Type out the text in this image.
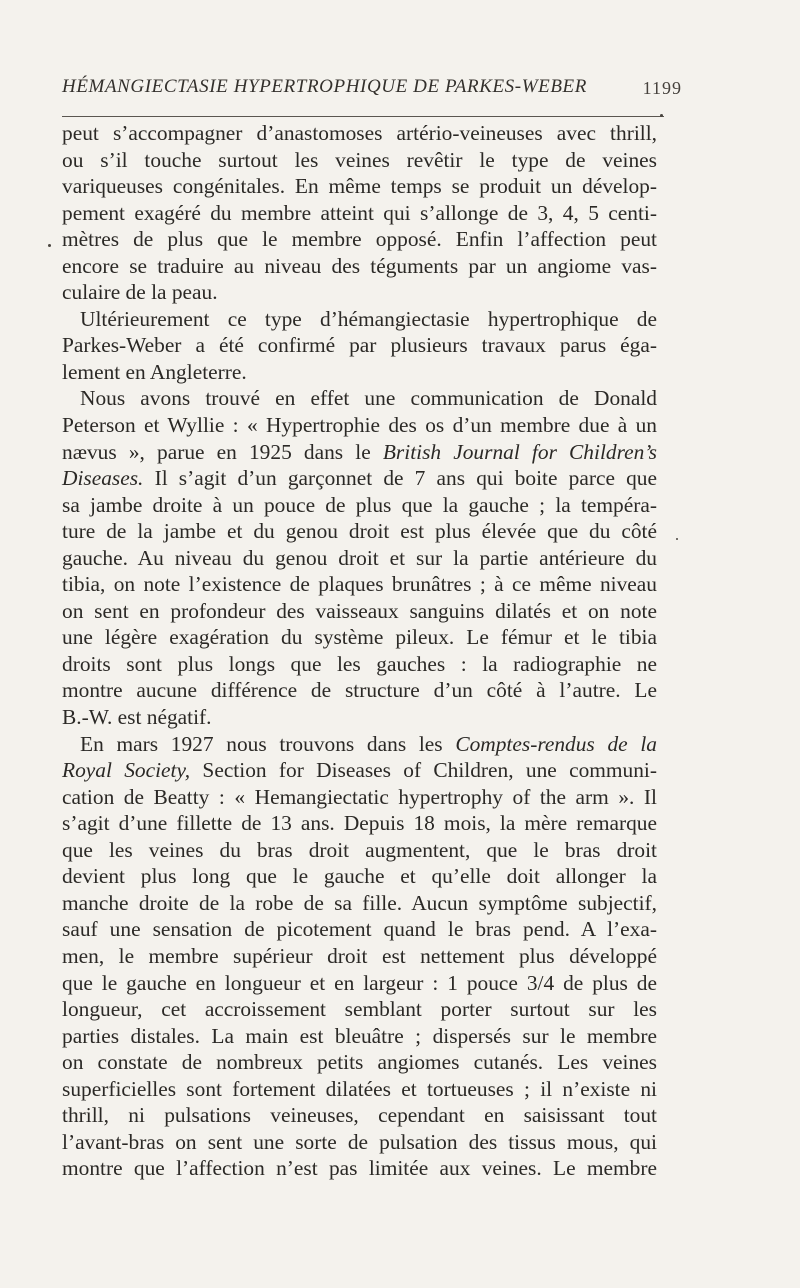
HÉMANGIECTASIE HYPERTROPHIQUE DE PARKES-WEBER	1199

peut s’accompagner d’anastomoses artério-veineuses avec thrill,
ou s’il touche surtout les veines revêtir le type de veines
variqueuses congénitales. En même temps se produit un dévelop-
pement exagéré du membre atteint qui s’allonge de 3, 4, 5 centi-
mètres de plus que le membre opposé. Enfin l’affection peut
encore se traduire au niveau des téguments par un angiome vas-
culaire de la peau.

Ultérieurement ce type d’hémangiectasie hypertrophique de
Parkes-Weber a été confirmé par plusieurs travaux parus éga-
lement en Angleterre.

Nous avons trouvé en effet une communication de Donald
Peterson et Wyllie : « Hypertrophie des os d’un membre due à un
nævus », parue en 1925 dans le British Journal for Children’s
Diseases. Il s’agit d’un garçonnet de 7 ans qui boite parce que
sa jambe droite à un pouce de plus que la gauche ; la tempéra-
ture de la jambe et du genou droit est plus élevée que du côté
gauche. Au niveau du genou droit et sur la partie antérieure du
tibia, on note l’existence de plaques brunâtres ; à ce même niveau
on sent en profondeur des vaisseaux sanguins dilatés et on note
une légère exagération du système pileux. Le fémur et le tibia
droits sont plus longs que les gauches : la radiographie ne
montre aucune différence de structure d’un côté à l’autre. Le
B.-W. est négatif.

En mars 1927 nous trouvons dans les Comptes-rendus de la
Royal Society, Section for Diseases of Children, une communi-
cation de Beatty : « Hemangiectatic hypertrophy of the arm ». Il
s’agit d’une fillette de 13 ans. Depuis 18 mois, la mère remarque
que les veines du bras droit augmentent, que le bras droit
devient plus long que le gauche et qu’elle doit allonger la
manche droite de la robe de sa fille. Aucun symptôme subjectif,
sauf une sensation de picotement quand le bras pend. A l’exa-
men, le membre supérieur droit est nettement plus développé
que le gauche en longueur et en largeur : 1 pouce 3/4 de plus de
longueur, cet accroissement semblant porter surtout sur les
parties distales. La main est bleuâtre ; dispersés sur le membre
on constate de nombreux petits angiomes cutanés. Les veines
superficielles sont fortement dilatées et tortueuses ; il n’existe ni
thrill, ni pulsations veineuses, cependant en saisissant tout
l’avant-bras on sent une sorte de pulsation des tissus mous, qui
montre que l’affection n’est pas limitée aux veines. Le membre
